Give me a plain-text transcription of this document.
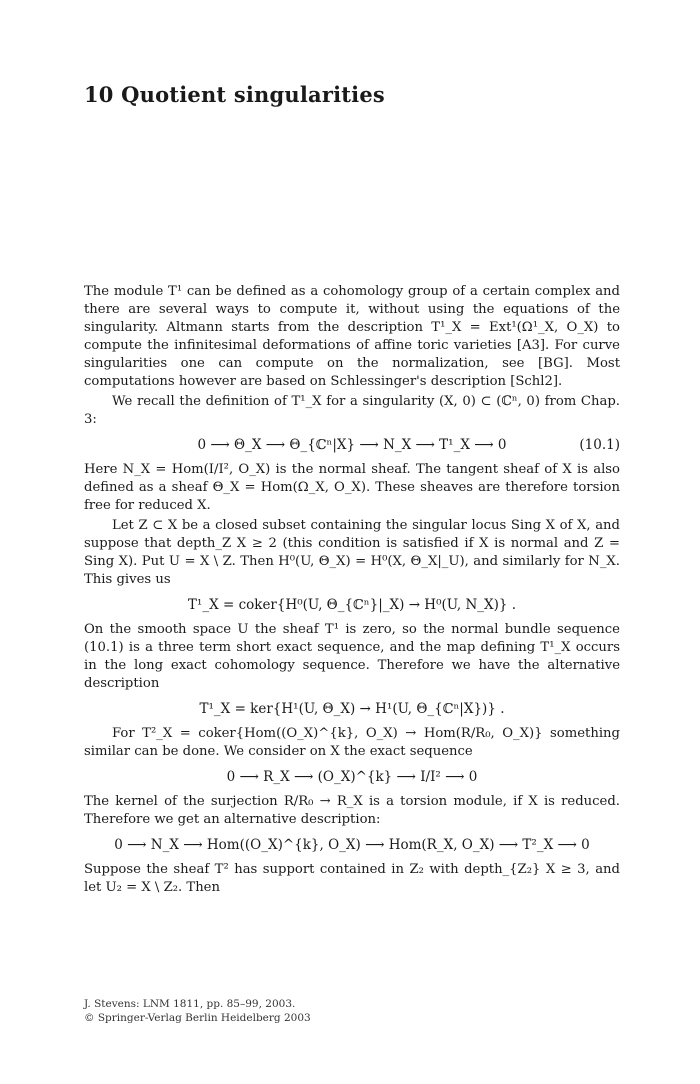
10 Quotient singularities

The module T¹ can be defined as a cohomology group of a certain complex and there are several ways to compute it, without using the equations of the singularity. Altmann starts from the description T¹_X = Ext¹(Ω¹_X, O_X) to compute the infinitesimal deformations of affine toric varieties [A3]. For curve singularities one can compute on the normalization, see [BG]. Most computations however are based on Schlessinger's description [Schl2].

We recall the definition of T¹_X for a singularity (X, 0) ⊂ (ℂⁿ, 0) from Chap. 3:

0 ⟶ Θ_X ⟶ Θ_{ℂⁿ|X} ⟶ N_X ⟶ T¹_X ⟶ 0	(10.1)

Here N_X = Hom(I/I², O_X) is the normal sheaf. The tangent sheaf of X is also defined as a sheaf Θ_X = Hom(Ω_X, O_X). These sheaves are therefore torsion free for reduced X.

Let Z ⊂ X be a closed subset containing the singular locus Sing X of X, and suppose that depth_Z X ≥ 2 (this condition is satisfied if X is normal and Z = Sing X). Put U = X \ Z. Then H⁰(U, Θ_X) = H⁰(X, Θ_X|_U), and similarly for N_X. This gives us

T¹_X = coker{H⁰(U, Θ_{ℂⁿ}|_X) → H⁰(U, N_X)} .

On the smooth space U the sheaf T¹ is zero, so the normal bundle sequence (10.1) is a three term short exact sequence, and the map defining T¹_X occurs in the long exact cohomology sequence. Therefore we have the alternative description

T¹_X = ker{H¹(U, Θ_X) → H¹(U, Θ_{ℂⁿ|X})} .

For T²_X = coker{Hom((O_X)^{k}, O_X) → Hom(R/R₀, O_X)} something similar can be done. We consider on X the exact sequence

0 ⟶ R_X ⟶ (O_X)^{k} ⟶ I/I² ⟶ 0

The kernel of the surjection R/R₀ → R_X is a torsion module, if X is reduced. Therefore we get an alternative description:

0 ⟶ N_X ⟶ Hom((O_X)^{k}, O_X) ⟶ Hom(R_X, O_X) ⟶ T²_X ⟶ 0

Suppose the sheaf T² has support contained in Z₂ with depth_{Z₂} X ≥ 3, and let U₂ = X \ Z₂. Then

J. Stevens: LNM 1811, pp. 85–99, 2003.
© Springer-Verlag Berlin Heidelberg 2003
